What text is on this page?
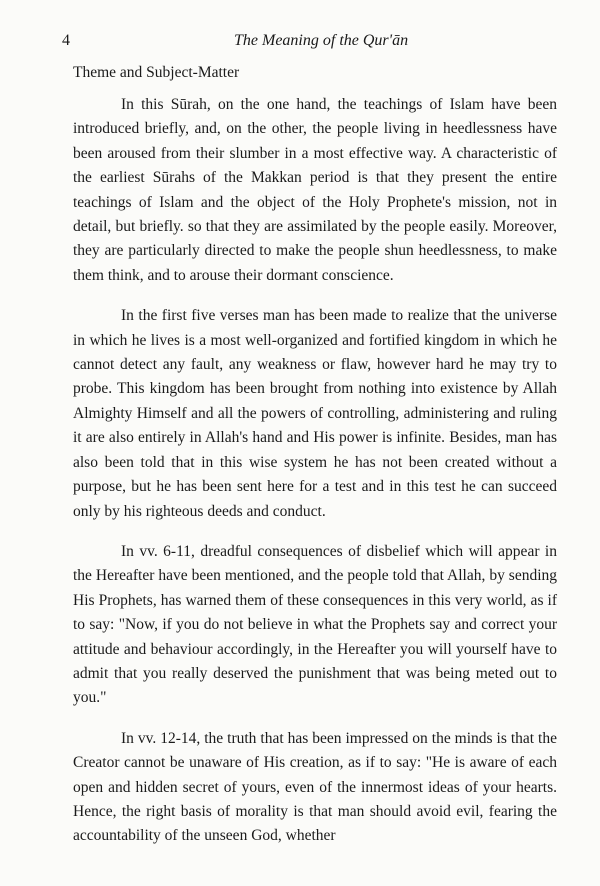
4	The Meaning of the Qur'ān
Theme and Subject-Matter

In this Sūrah, on the one hand, the teachings of Islam have been introduced briefly, and, on the other, the people living in heedlessness have been aroused from their slumber in a most effective way. A characteristic of the earliest Sūrahs of the Makkan period is that they present the entire teachings of Islam and the object of the Holy Prophete's mission, not in detail, but briefly. so that they are assimilated by the people easily. Moreover, they are particularly directed to make the people shun heedlessness, to make them think, and to arouse their dormant conscience.

In the first five verses man has been made to realize that the universe in which he lives is a most well-organized and fortified kingdom in which he cannot detect any fault, any weakness or flaw, however hard he may try to probe. This kingdom has been brought from nothing into existence by Allah Almighty Himself and all the powers of controlling, administering and ruling it are also entirely in Allah's hand and His power is infinite. Besides, man has also been told that in this wise system he has not been created without a purpose, but he has been sent here for a test and in this test he can succeed only by his righteous deeds and conduct.

In vv. 6-11, dreadful consequences of disbelief which will appear in the Hereafter have been mentioned, and the people told that Allah, by sending His Prophets, has warned them of these consequences in this very world, as if to say: "Now, if you do not believe in what the Prophets say and correct your attitude and behaviour accordingly, in the Hereafter you will yourself have to admit that you really deserved the punishment that was being meted out to you."

In vv. 12-14, the truth that has been impressed on the minds is that the Creator cannot be unaware of His creation, as if to say: "He is aware of each open and hidden secret of yours, even of the innermost ideas of your hearts. Hence, the right basis of morality is that man should avoid evil, fearing the accountability of the unseen God, whether
